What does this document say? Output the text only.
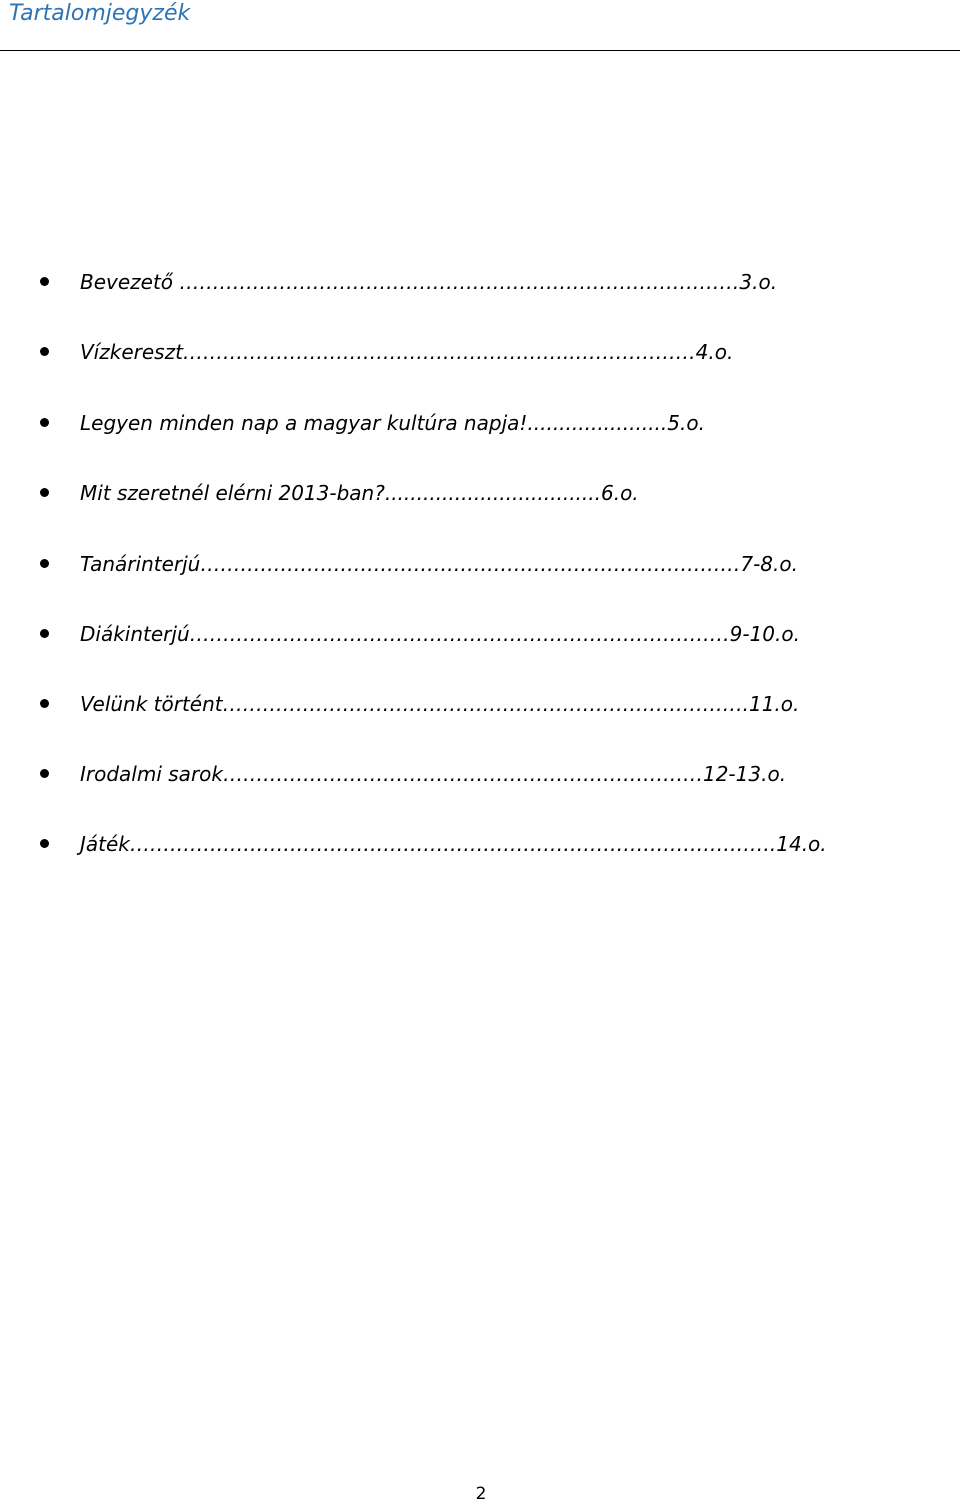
Tartalomjegyzék
Bevezető …………………………………………………………………………3.o.
Vízkereszt…………………………………………………..………………4.o.
Legyen minden nap a magyar kultúra napja!......................5.o.
Mit szeretnél elérni 2013-ban?..................................6.o.
Tanárinterjú………………………………………………………………………7-8.o.
Diákinterjú………………………………………………………………………9-10.o.
Velünk történt…………………………………………………………………….11.o.
Irodalmi sarok………………………………………………………………12-13.o.
Játék…………………………………………………………………………………….14.o.
2
